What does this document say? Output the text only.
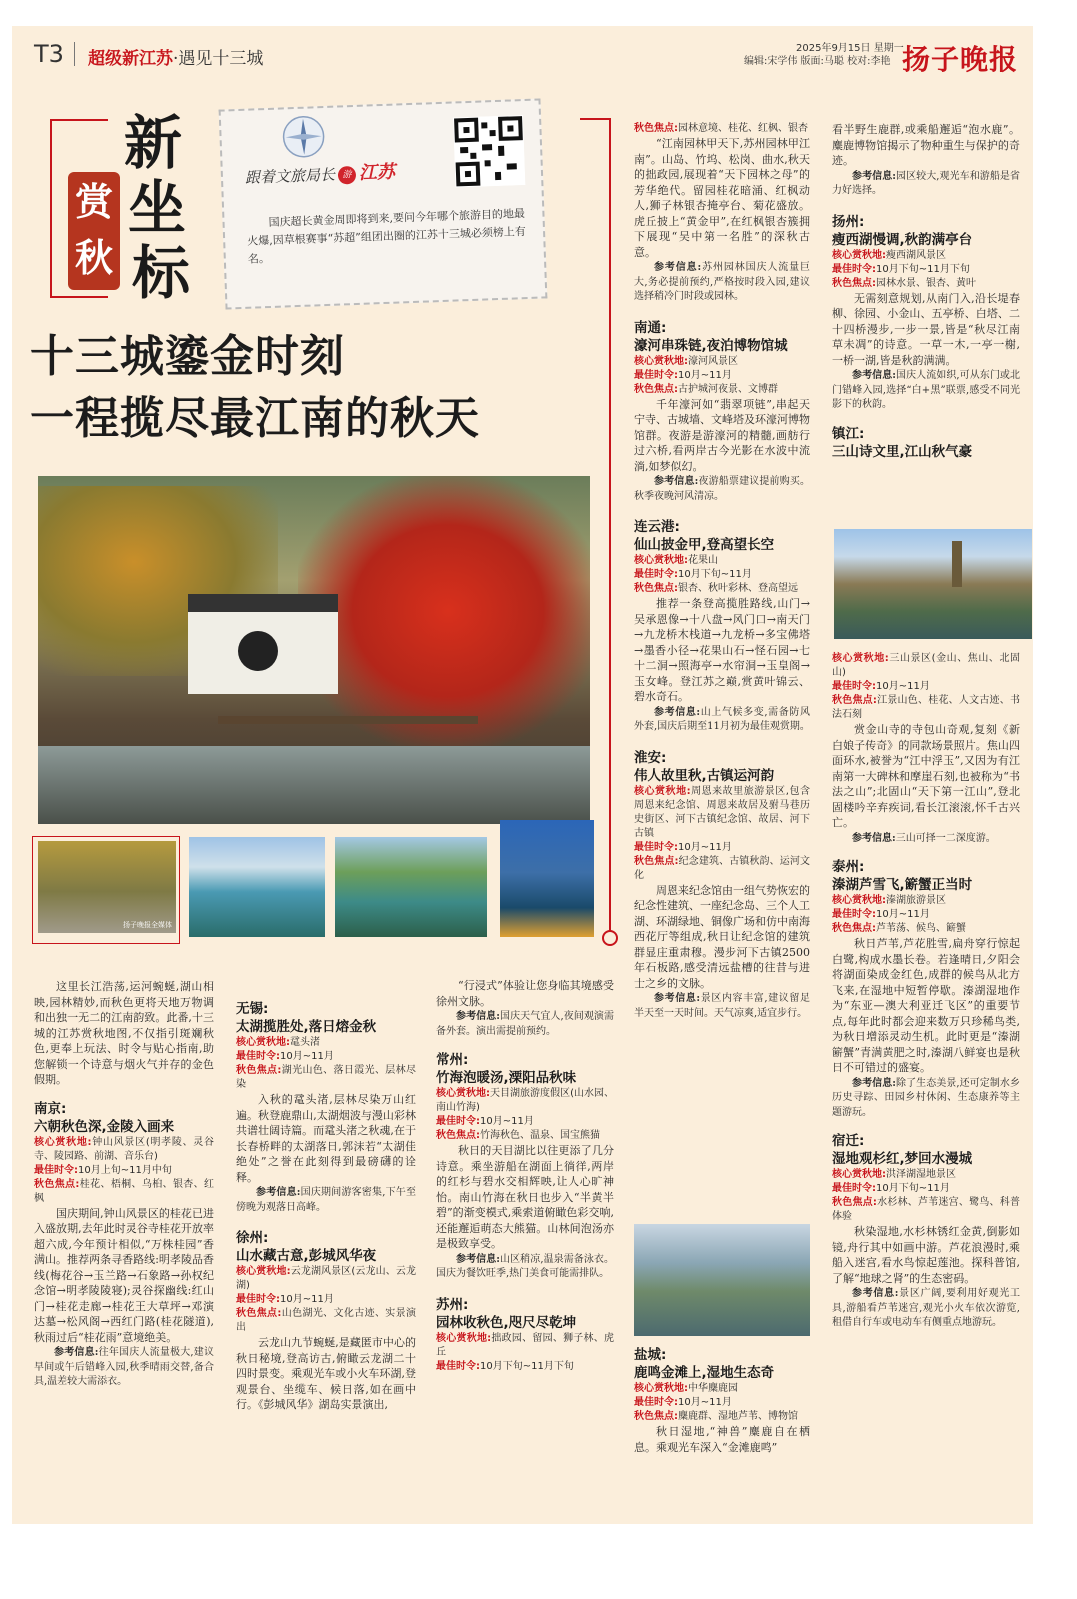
T3 超级新江苏·遇见十三城
2025年9月15日 星期一
编辑:宋学伟 版面:马聪 校对:李艳 扬子晚报
新
坐
标
赏
秋
跟着文旅局长 游 江苏
国庆超长黄金周即将到来,要问今年哪个旅游目的地最火爆,因草根赛事“苏超”组团出圈的江苏十三城必须榜上有名。
十三城鎏金时刻
一程揽尽最江南的秋天
扬子晚报全媒体

这里长江浩荡,运河蜿蜒,湖山相映,园林精妙,而秋色更将天地万物调和出独一无二的江南韵致。此番,十三城的江苏赏秋地图,不仅指引斑斓秋色,更奉上玩法、时令与贴心指南,助您解锁一个诗意与烟火气并存的金色假期。

南京:
六朝秋色深,金陵入画来
核心赏秋地:钟山风景区(明孝陵、灵谷寺、陵园路、前湖、音乐台)
最佳时令:10月上旬~11月中旬
秋色焦点:桂花、梧桐、乌桕、银杏、红枫

国庆期间,钟山风景区的桂花已进入盛放期,去年此时灵谷寺桂花开放率超六成,今年预计相似,“万株桂园”香满山。推荐两条寻香路线:明孝陵品香线(梅花谷→玉兰路→石象路→孙权纪念馆→明孝陵陵寝);灵谷探幽线:红山门→桂花走廊→桂花王大草坪→邓演达墓→松风阁→西红门路(桂花隧道),秋雨过后“桂花雨”意境绝美。

参考信息:往年国庆人流量极大,建议早间或午后错峰入园,秋季晴雨交替,备合具,温差较大需添衣。
无锡:
太湖揽胜处,落日熔金秋
核心赏秋地:鼋头渚
最佳时令:10月~11月
秋色焦点:湖光山色、落日霞光、层林尽染

入秋的鼋头渚,层林尽染万山红遍。秋登鹿鼎山,太湖烟波与漫山彩林共谱壮阔诗篇。而鼋头渚之秋魂,在于长春桥畔的太湖落日,郭沫若“太湖佳绝处”之誉在此刻得到最磅礴的诠释。

参考信息:国庆期间游客密集,下午至傍晚为观落日高峰。
徐州:
山水藏古意,彭城风华夜
核心赏秋地:云龙湖风景区(云龙山、云龙湖)
最佳时令:10月~11月
秋色焦点:山色湖光、文化古迹、实景演出

云龙山九节蜿蜒,是藏匿市中心的秋日秘境,登高访古,俯瞰云龙湖二十四时景变。乘观光车或小火车环湖,登观景台、坐缆车、候日落,如在画中行。《彭城风华》湖岛实景演出,

“行浸式”体验让您身临其境感受徐州文脉。

参考信息:国庆天气宜人,夜间观演需备外套。演出需提前预约。
常州:
竹海泡暖汤,溧阳品秋味
核心赏秋地:天目湖旅游度假区(山水园、南山竹海)
最佳时令:10月~11月
秋色焦点:竹海秋色、温泉、国宝熊猫

秋日的天目湖比以往更添了几分诗意。乘坐游船在湖面上徜徉,两岸的红杉与碧水交相辉映,让人心旷神怡。南山竹海在秋日也步入“半黄半碧”的渐变模式,乘索道俯瞰色彩交响,还能邂逅萌态大熊猫。山林间泡汤亦是极致享受。

参考信息:山区稍凉,温泉需备泳衣。国庆为餐饮旺季,热门美食可能需排队。
苏州:
园林收秋色,咫尺尽乾坤
核心赏秋地:拙政园、留园、狮子林、虎丘
最佳时令:10月下旬~11月下旬
秋色焦点:园林意境、桂花、红枫、银杏

“江南园林甲天下,苏州园林甲江南”。山岛、竹坞、松岗、曲水,秋天的拙政园,展现着“天下园林之母”的芳华绝代。留园桂花暗涌、红枫动人,狮子林银杏掩亭台、菊花盛放。虎丘披上“黄金甲”,在红枫银杏簇拥下展现“吴中第一名胜”的深秋古意。

参考信息:苏州园林国庆人流量巨大,务必提前预约,严格按时段入园,建议选择稍冷门时段或园林。
南通:
濠河串珠链,夜泊博物馆城
核心赏秋地:濠河风景区
最佳时令:10月~11月
秋色焦点:古护城河夜景、文博群

千年濠河如“翡翠项链”,串起天宁寺、古城墙、文峰塔及环濠河博物馆群。夜游是游濠河的精髓,画舫行过六桥,看两岸古今光影在水波中流淌,如梦似幻。

参考信息:夜游船票建议提前购买。秋季夜晚河风清凉。
连云港:
仙山披金甲,登高望长空
核心赏秋地:花果山
最佳时令:10月下旬~11月
秋色焦点:银杏、秋叶彩林、登高望远

推荐一条登高揽胜路线,山门→吴承恩像→十八盘→风门口→南天门→九龙桥木栈道→九龙桥→多宝佛塔→墨香小径→花果山石→怪石园→七十二洞→照海亭→水帘洞→玉皇阁→玉女峰。登江苏之巅,赏黄叶锦云、碧水奇石。

参考信息:山上气候多变,需备防风外套,国庆后期至11月初为最佳观赏期。
淮安:
伟人故里秋,古镇运河韵
核心赏秋地:周恩来故里旅游景区,包含周恩来纪念馆、周恩来故居及驸马巷历史街区、河下古镇纪念馆、故居、河下古镇
最佳时令:10月~11月
秋色焦点:纪念建筑、古镇秋韵、运河文化

周恩来纪念馆由一组气势恢宏的纪念性建筑、一座纪念岛、三个人工湖、环湖绿地、铜像广场和仿中南海西花厅等组成,秋日让纪念馆的建筑群显庄重肃穆。漫步河下古镇2500年石板路,感受清远盐槽的往昔与进士之乡的文脉。

参考信息:景区内容丰富,建议留足半天至一天时间。天气凉爽,适宜步行。
盐城:
鹿鸣金滩上,湿地生态奇
核心赏秋地:中华麋鹿园
最佳时令:10月~11月
秋色焦点:麋鹿群、湿地芦苇、博物馆

秋日湿地,“神兽”麋鹿自在栖息。乘观光车深入“金滩鹿鸣”

看半野生鹿群,或乘船邂逅“泡水鹿”。麋鹿博物馆揭示了物种重生与保护的奇迹。

参考信息:园区较大,观光车和游船是省力好选择。
扬州:
瘦西湖慢调,秋韵满亭台
核心赏秋地:瘦西湖风景区
最佳时令:10月下旬~11月下旬
秋色焦点:园林水景、银杏、黄叶

无需刻意规划,从南门入,沿长堤春柳、徐园、小金山、五亭桥、白塔、二十四桥漫步,一步一景,皆是“秋尽江南草未凋”的诗意。一草一木,一亭一榭,一桥一湖,皆是秋韵满满。

参考信息:国庆人流如织,可从东门或北门错峰入园,选择“白+黑”联票,感受不同光影下的秋韵。
镇江:
三山诗文里,江山秋气豪
核心赏秋地:三山景区(金山、焦山、北固山)
最佳时令:10月~11月
秋色焦点:江景山色、桂花、人文古迹、书法石刻

赏金山寺的寺包山奇观,复刻《新白娘子传奇》的同款场景照片。焦山四面环水,被誉为“江中浮玉”,又因为有江南第一大碑林和摩崖石刻,也被称为“书法之山”;北固山“天下第一江山”,登北固楼吟辛弃疾词,看长江滚滚,怀千古兴亡。

参考信息:三山可择一二深度游。
泰州:
溱湖芦雪飞,簖蟹正当时
核心赏秋地:溱湖旅游景区
最佳时令:10月~11月
秋色焦点:芦苇荡、候鸟、簖蟹

秋日芦苇,芦花胜雪,扁舟穿行惊起白鹭,构成水墨长卷。若逢晴日,夕阳会将湖面染成金红色,成群的候鸟从北方飞来,在湿地中短暂停歇。溱湖湿地作为“东亚—澳大利亚迁飞区”的重要节点,每年此时都会迎来数万只珍稀鸟类,为秋日增添灵动生机。此时更是“溱湖簖蟹”青满黄肥之时,溱湖八鲜宴也是秋日不可错过的盛宴。

参考信息:除了生态美景,还可定制水乡历史寻踪、田园乡村休闲、生态康养等主题游玩。
宿迁:
湿地观杉红,梦回水漫城
核心赏秋地:洪泽湖湿地景区
最佳时令:10月下旬~11月
秋色焦点:水杉林、芦苇迷宫、鹭鸟、科普体验

秋染湿地,水杉林锈红金黄,倒影如镜,舟行其中如画中游。芦花浪漫时,乘船入迷宫,看水鸟惊起莲池。探科普馆,了解“地球之肾”的生态密码。

参考信息:景区广阔,要利用好观光工具,游船看芦苇迷宫,观光小火车依次游览,租借自行车或电动车有侧重点地游玩。
